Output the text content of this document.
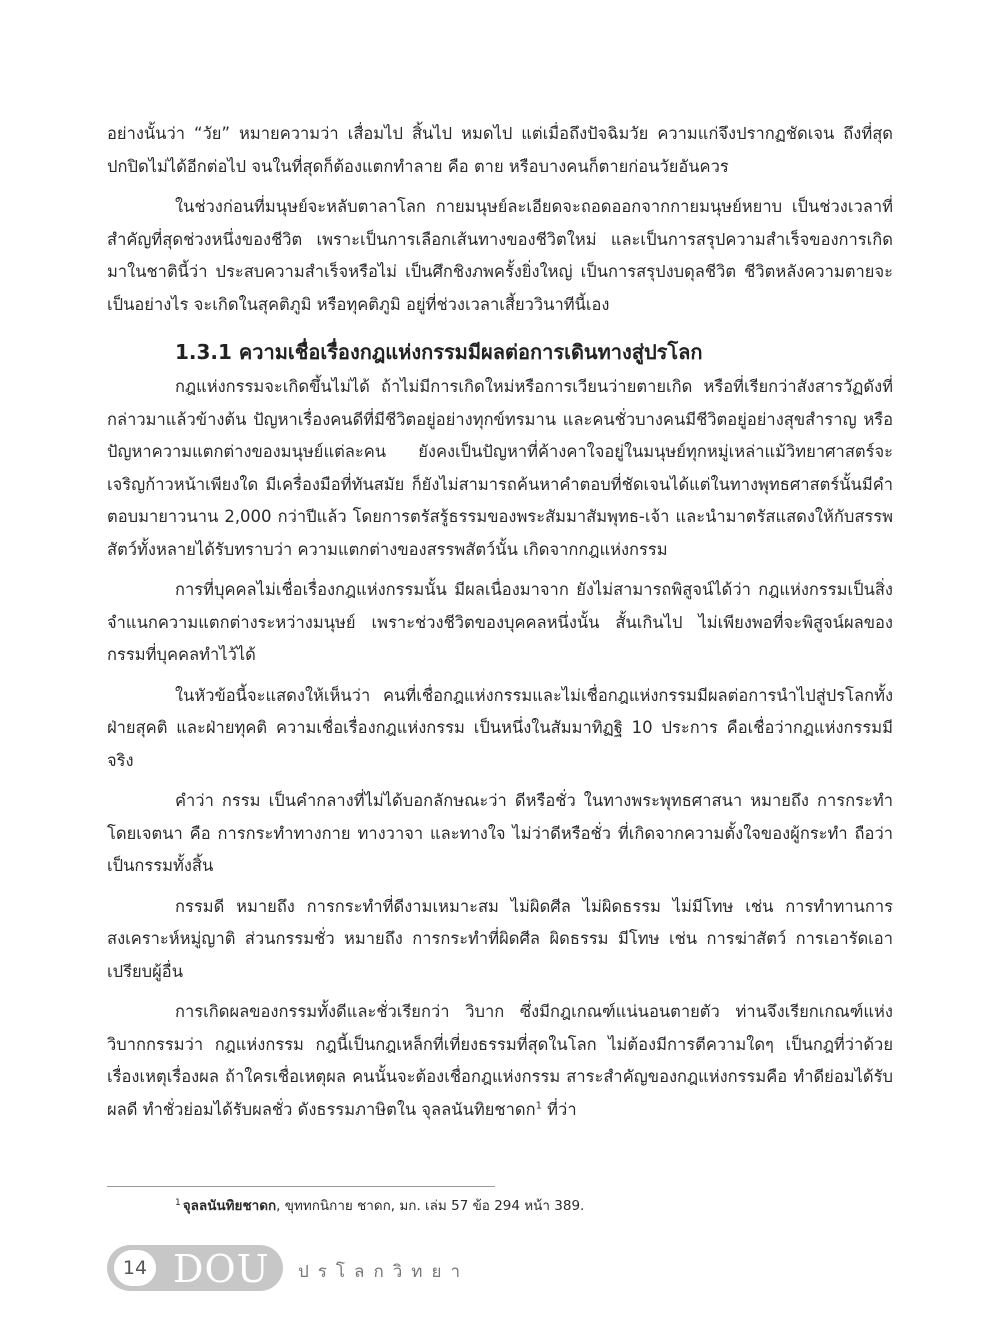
อย่างนั้นว่า “วัย” หมายความว่า เสื่อมไป สิ้นไป หมดไป แต่เมื่อถึงปัจฉิมวัย ความแก่จึงปรากฏชัดเจน ถึงที่สุด ปกปิดไม่ได้อีกต่อไป จนในที่สุดก็ต้องแตกทำลาย คือ ตาย หรือบางคนก็ตายก่อนวัยอันควร

ในช่วงก่อนที่มนุษย์จะหลับตาลาโลก กายมนุษย์ละเอียดจะถอดออกจากกายมนุษย์หยาบ เป็นช่วงเวลาที่สำคัญที่สุดช่วงหนึ่งของชีวิต เพราะเป็นการเลือกเส้นทางของชีวิตใหม่ และเป็นการสรุปความสำเร็จของการเกิดมาในชาตินี้ว่า ประสบความสำเร็จหรือไม่ เป็นศึกชิงภพครั้งยิ่งใหญ่ เป็นการสรุปงบดุลชีวิต ชีวิตหลังความตายจะเป็นอย่างไร จะเกิดในสุคติภูมิ หรือทุคติภูมิ อยู่ที่ช่วงเวลาเสี้ยววินาทีนี้เอง

1.3.1 ความเชื่อเรื่องกฎแห่งกรรมมีผลต่อการเดินทางสู่ปรโลก

กฎแห่งกรรมจะเกิดขึ้นไม่ได้ ถ้าไม่มีการเกิดใหม่หรือการเวียนว่ายตายเกิด หรือที่เรียกว่าสังสารวัฏดังที่กล่าวมาแล้วข้างต้น ปัญหาเรื่องคนดีที่มีชีวิตอยู่อย่างทุกข์ทรมาน และคนชั่วบางคนมีชีวิตอยู่อย่างสุขสำราญ หรือปัญหาความแตกต่างของมนุษย์แต่ละคน ยังคงเป็นปัญหาที่ค้างคาใจอยู่ในมนุษย์ทุกหมู่เหล่าแม้วิทยาศาสตร์จะเจริญก้าวหน้าเพียงใด มีเครื่องมือที่ทันสมัย ก็ยังไม่สามารถค้นหาคำตอบที่ชัดเจนได้แต่ในทางพุทธศาสตร์นั้นมีคำตอบมายาวนาน 2,000 กว่าปีแล้ว โดยการตรัสรู้ธรรมของพระสัมมาสัมพุทธ-เจ้า และนำมาตรัสแสดงให้กับสรรพสัตว์ทั้งหลายได้รับทราบว่า ความแตกต่างของสรรพสัตว์นั้น เกิดจากกฎแห่งกรรม

การที่บุคคลไม่เชื่อเรื่องกฎแห่งกรรมนั้น มีผลเนื่องมาจาก ยังไม่สามารถพิสูจน์ได้ว่า กฎแห่งกรรมเป็นสิ่งจำแนกความแตกต่างระหว่างมนุษย์ เพราะช่วงชีวิตของบุคคลหนึ่งนั้น สั้นเกินไป ไม่เพียงพอที่จะพิสูจน์ผลของกรรมที่บุคคลทำไว้ได้

ในหัวข้อนี้จะแสดงให้เห็นว่า คนที่เชื่อกฎแห่งกรรมและไม่เชื่อกฎแห่งกรรมมีผลต่อการนำไปสู่ปรโลกทั้งฝ่ายสุคติ และฝ่ายทุคติ ความเชื่อเรื่องกฎแห่งกรรม เป็นหนึ่งในสัมมาทิฏฐิ 10 ประการ คือเชื่อว่ากฎแห่งกรรมมีจริง

คำว่า กรรม เป็นคำกลางที่ไม่ได้บอกลักษณะว่า ดีหรือชั่ว ในทางพระพุทธศาสนา หมายถึง การกระทำโดยเจตนา คือ การกระทำทางกาย ทางวาจา และทางใจ ไม่ว่าดีหรือชั่ว ที่เกิดจากความตั้งใจของผู้กระทำ ถือว่าเป็นกรรมทั้งสิ้น

กรรมดี หมายถึง การกระทำที่ดีงามเหมาะสม ไม่ผิดศีล ไม่ผิดธรรม ไม่มีโทษ เช่น การทำทานการสงเคราะห์หมู่ญาติ ส่วนกรรมชั่ว หมายถึง การกระทำที่ผิดศีล ผิดธรรม มีโทษ เช่น การฆ่าสัตว์ การเอารัดเอาเปรียบผู้อื่น

การเกิดผลของกรรมทั้งดีและชั่วเรียกว่า วิบาก ซึ่งมีกฎเกณฑ์แน่นอนตายตัว ท่านจึงเรียกเกณฑ์แห่งวิบากกรรมว่า กฎแห่งกรรม กฎนี้เป็นกฎเหล็กที่เที่ยงธรรมที่สุดในโลก ไม่ต้องมีการตีความใดๆ เป็นกฎที่ว่าด้วยเรื่องเหตุเรื่องผล ถ้าใครเชื่อเหตุผล คนนั้นจะต้องเชื่อกฎแห่งกรรม สาระสำคัญของกฎแห่งกรรมคือ ทำดีย่อมได้รับผลดี ทำชั่วย่อมได้รับผลชั่ว ดังธรรมภาษิตใน จุลลนันทิยชาดก$^1$ ที่ว่า

$^1$ จุลลนันทิยชาดก, ขุททกนิกาย ชาดก, มก. เล่ม 57 ข้อ 294 หน้า 389.
14 DOU ปรโลกวิทยา
